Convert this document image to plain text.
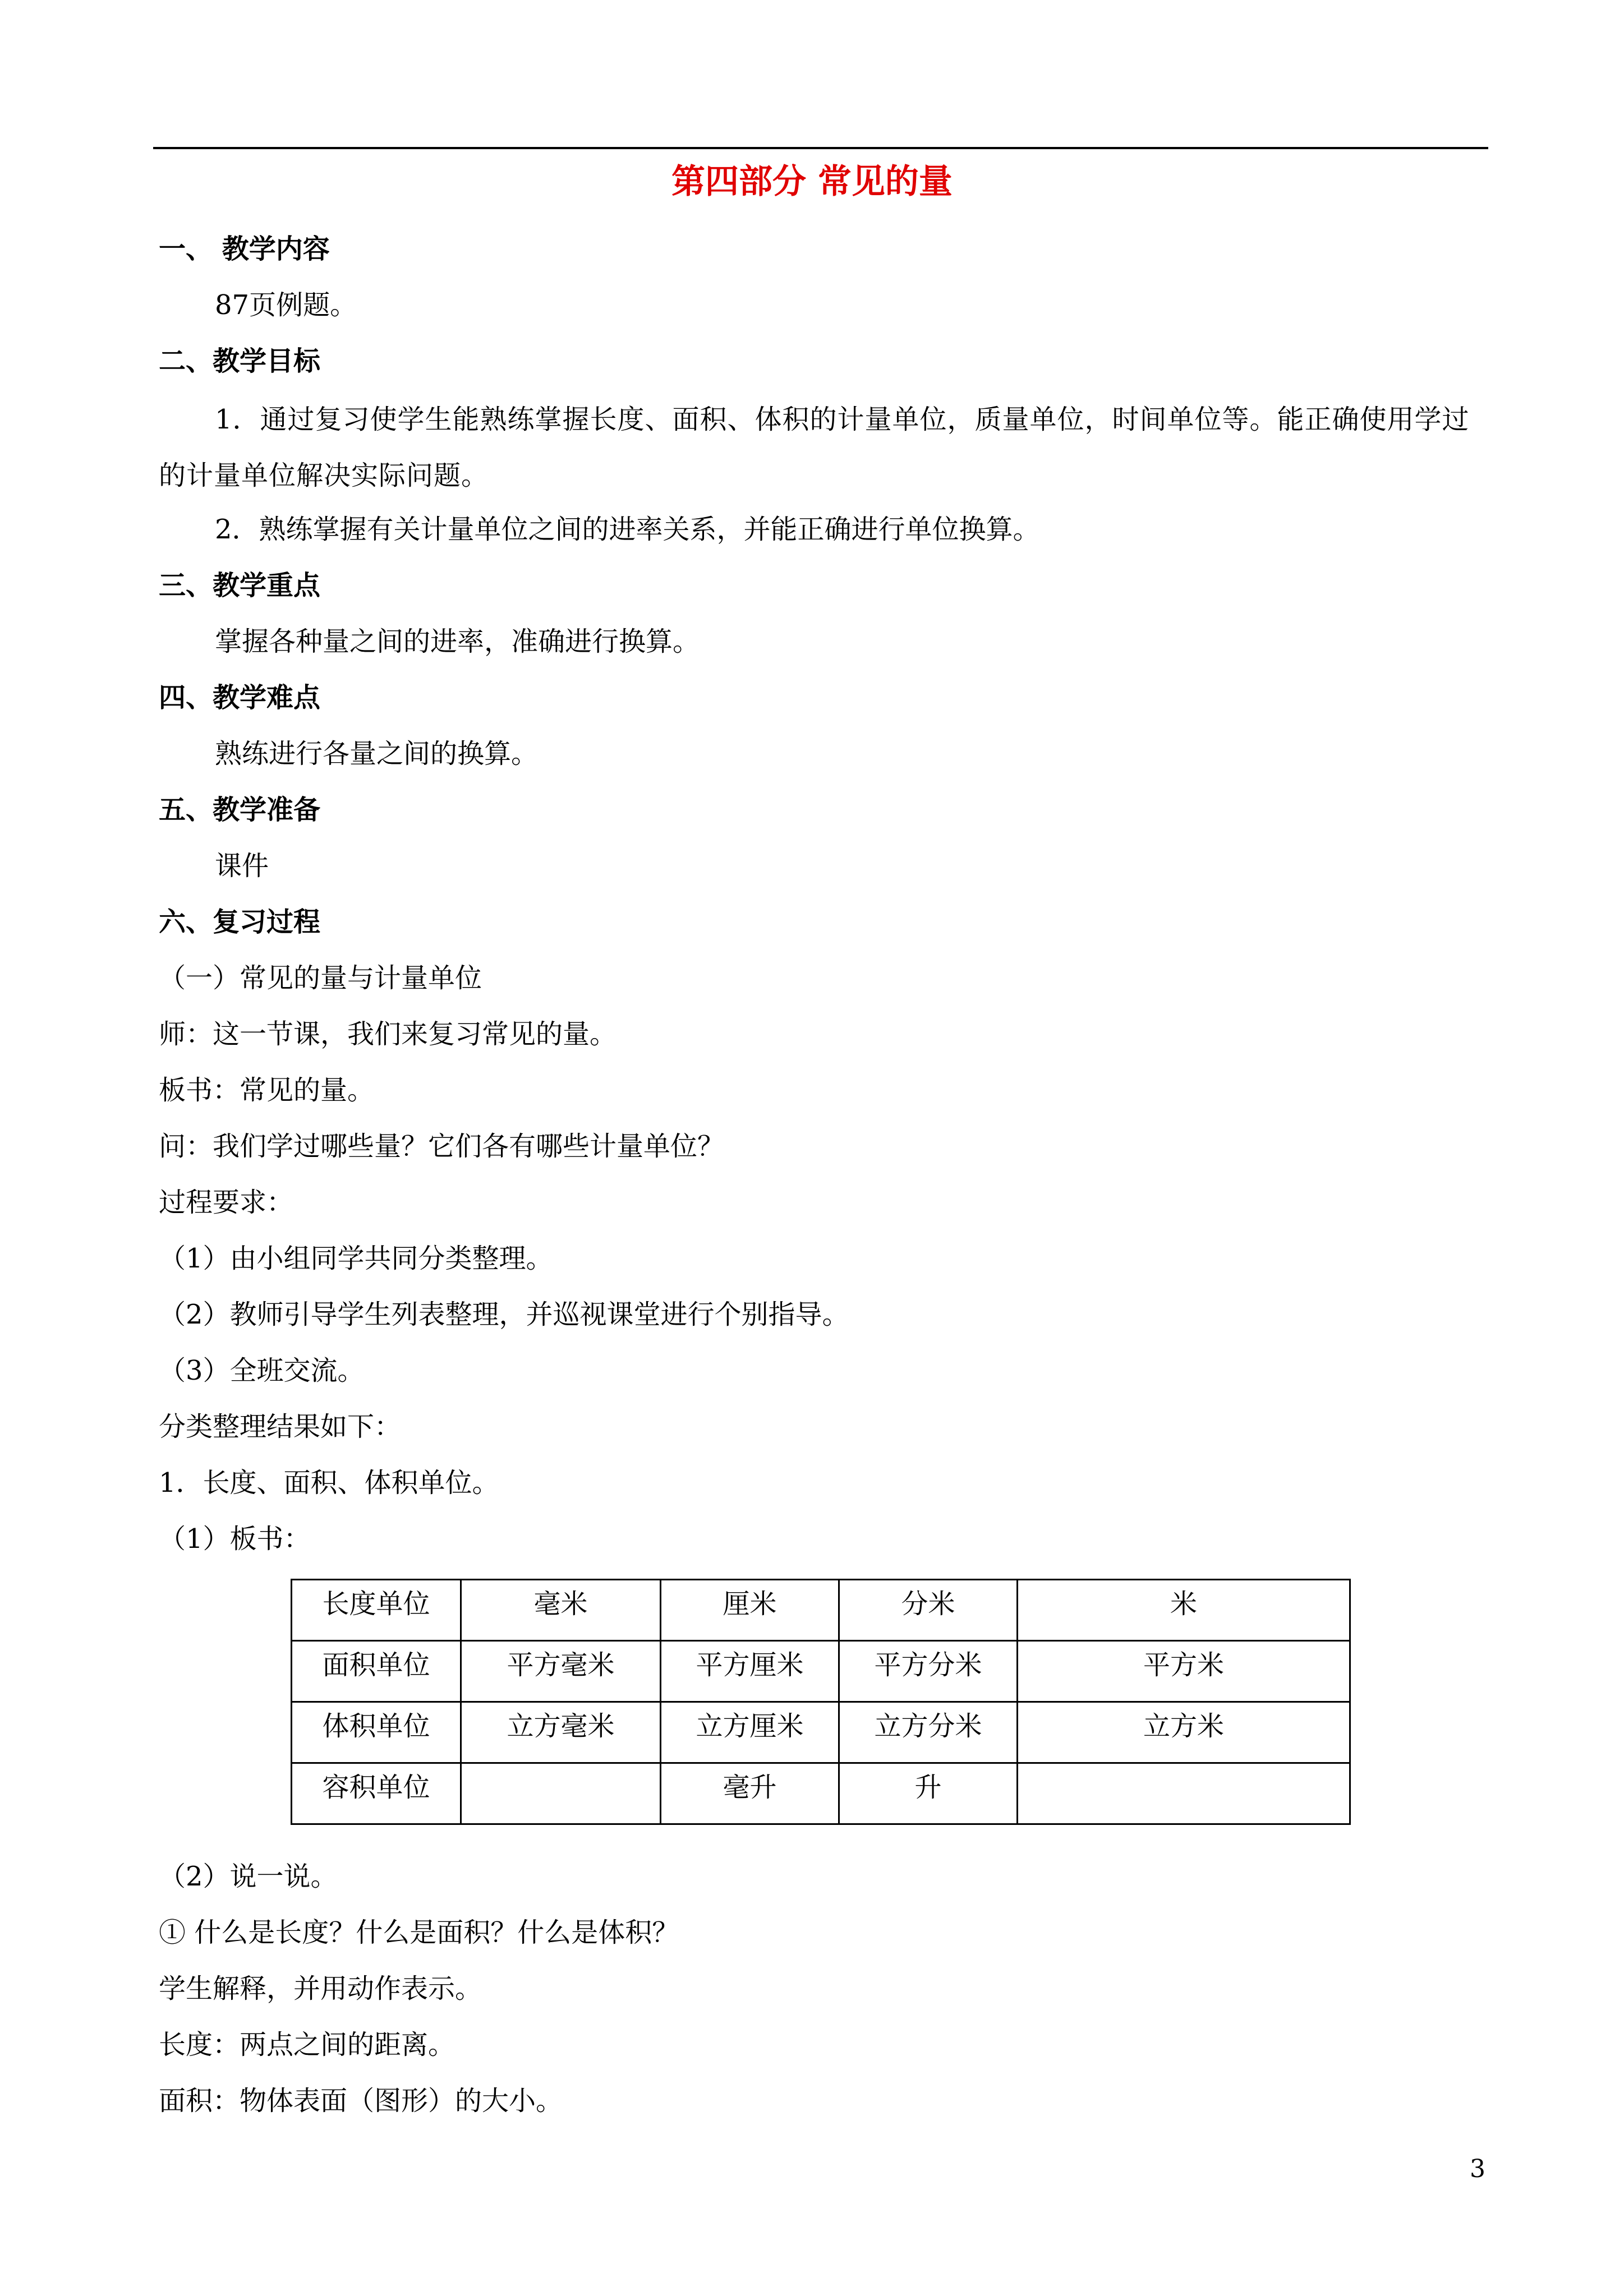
第四部分 常见的量
一、 教学内容
87页例题。
二、教学目标
1．通过复习使学生能熟练掌握长度、面积、体积的计量单位，质量单位，时间单位等。能正确使用学过的计量单位解决实际问题。
2．熟练掌握有关计量单位之间的进率关系，并能正确进行单位换算。
三、教学重点
掌握各种量之间的进率，准确进行换算。
四、教学难点
熟练进行各量之间的换算。
五、教学准备
课件
六、复习过程
（一）常见的量与计量单位
师：这一节课，我们来复习常见的量。
板书：常见的量。
问：我们学过哪些量？它们各有哪些计量单位？
过程要求：
（1）由小组同学共同分类整理。
（2）教师引导学生列表整理，并巡视课堂进行个别指导。
（3）全班交流。
分类整理结果如下：
1．长度、面积、体积单位。
（1）板书：
长度单位	毫米	厘米	分米	米
面积单位	平方毫米	平方厘米	平方分米	平方米
体积单位	立方毫米	立方厘米	立方分米	立方米
容积单位		毫升	升	
（2）说一说。
① 什么是长度？什么是面积？什么是体积？
学生解释，并用动作表示。
长度：两点之间的距离。
面积：物体表面（图形）的大小。
3
